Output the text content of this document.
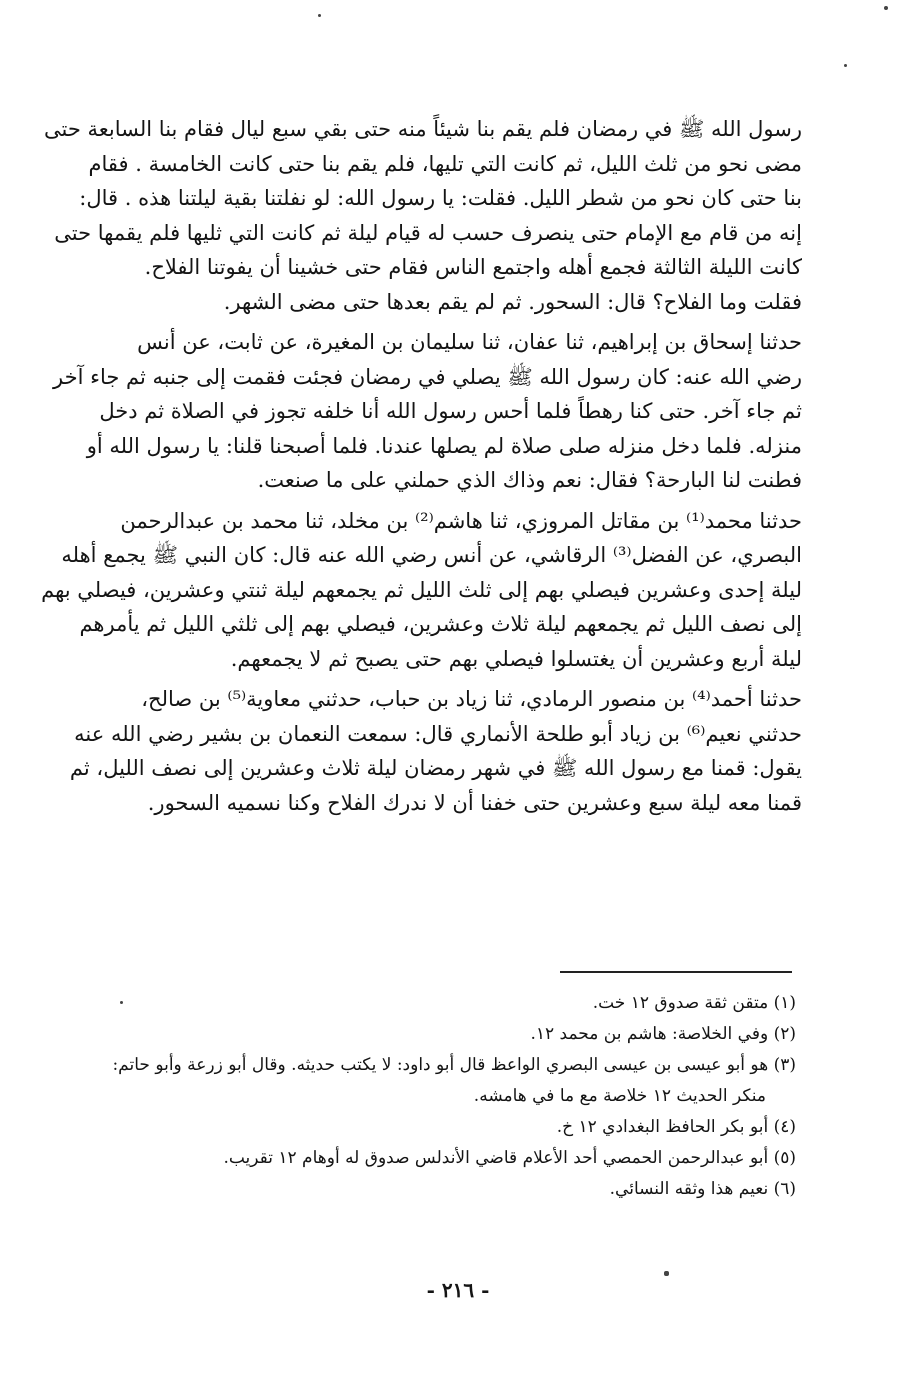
رسول الله ﷺ في رمضان فلم يقم بنا شيئاً منه حتى بقي سبع ليال فقام بنا السابعة حتى
مضى نحو من ثلث الليل، ثم كانت التي تليها، فلم يقم بنا حتى كانت الخامسة . فقام
بنا حتى كان نحو من شطر الليل. فقلت: يا رسول الله: لو نفلتنا بقية ليلتنا هذه . قال:
إنه من قام مع الإمام حتى ينصرف حسب له قيام ليلة ثم كانت التي ثليها فلم يقمها حتى
كانت الليلة الثالثة فجمع أهله واجتمع الناس فقام حتى خشينا أن يفوتنا الفلاح.
فقلت وما الفلاح؟ قال: السحور. ثم لم يقم بعدها حتى مضى الشهر.
حدثنا إسحاق بن إبراهيم، ثنا عفان، ثنا سليمان بن المغيرة، عن ثابت، عن أنس
رضي الله عنه: كان رسول الله ﷺ يصلي في رمضان فجئت فقمت إلى جنبه ثم جاء آخر
ثم جاء آخر. حتى كنا رهطاً فلما أحس رسول الله أنا خلفه تجوز في الصلاة ثم دخل
منزله. فلما دخل منزله صلى صلاة لم يصلها عندنا. فلما أصبحنا قلنا: يا رسول الله أو
فطنت لنا البارحة؟ فقال: نعم وذاك الذي حملني على ما صنعت.
حدثنا محمد⁽¹⁾ بن مقاتل المروزي، ثنا هاشم⁽²⁾ بن مخلد، ثنا محمد بن عبدالرحمن
البصري، عن الفضل⁽³⁾ الرقاشي، عن أنس رضي الله عنه قال: كان النبي ﷺ يجمع أهله
ليلة إحدى وعشرين فيصلي بهم إلى ثلث الليل ثم يجمعهم ليلة ثنتي وعشرين، فيصلي بهم
إلى نصف الليل ثم يجمعهم ليلة ثلاث وعشرين، فيصلي بهم إلى ثلثي الليل ثم يأمرهم
ليلة أربع وعشرين أن يغتسلوا فيصلي بهم حتى يصبح ثم لا يجمعهم.
حدثنا أحمد⁽⁴⁾ بن منصور الرمادي، ثنا زياد بن حباب، حدثني معاوية⁽⁵⁾ بن صالح،
حدثني نعيم⁽⁶⁾ بن زياد أبو طلحة الأنماري قال: سمعت النعمان بن بشير رضي الله عنه
يقول: قمنا مع رسول الله ﷺ في شهر رمضان ليلة ثلاث وعشرين إلى نصف الليل، ثم
قمنا معه ليلة سبع وعشرين حتى خفنا أن لا ندرك الفلاح وكنا نسميه السحور.
(١) متقن ثقة صدوق ١٢ خت.
(٢) وفي الخلاصة: هاشم بن محمد ١٢.
(٣) هو أبو عيسى بن عيسى البصري الواعظ قال أبو داود: لا يكتب حديثه. وقال أبو زرعة وأبو حاتم:
منكر الحديث ١٢ خلاصة مع ما في هامشه.
(٤) أبو بكر الحافظ البغدادي ١٢ خ.
(٥) أبو عبدالرحمن الحمصي أحد الأعلام قاضي الأندلس صدوق له أوهام ١٢ تقريب.
(٦) نعيم هذا وثقه النسائي.
- ٢١٦ -
